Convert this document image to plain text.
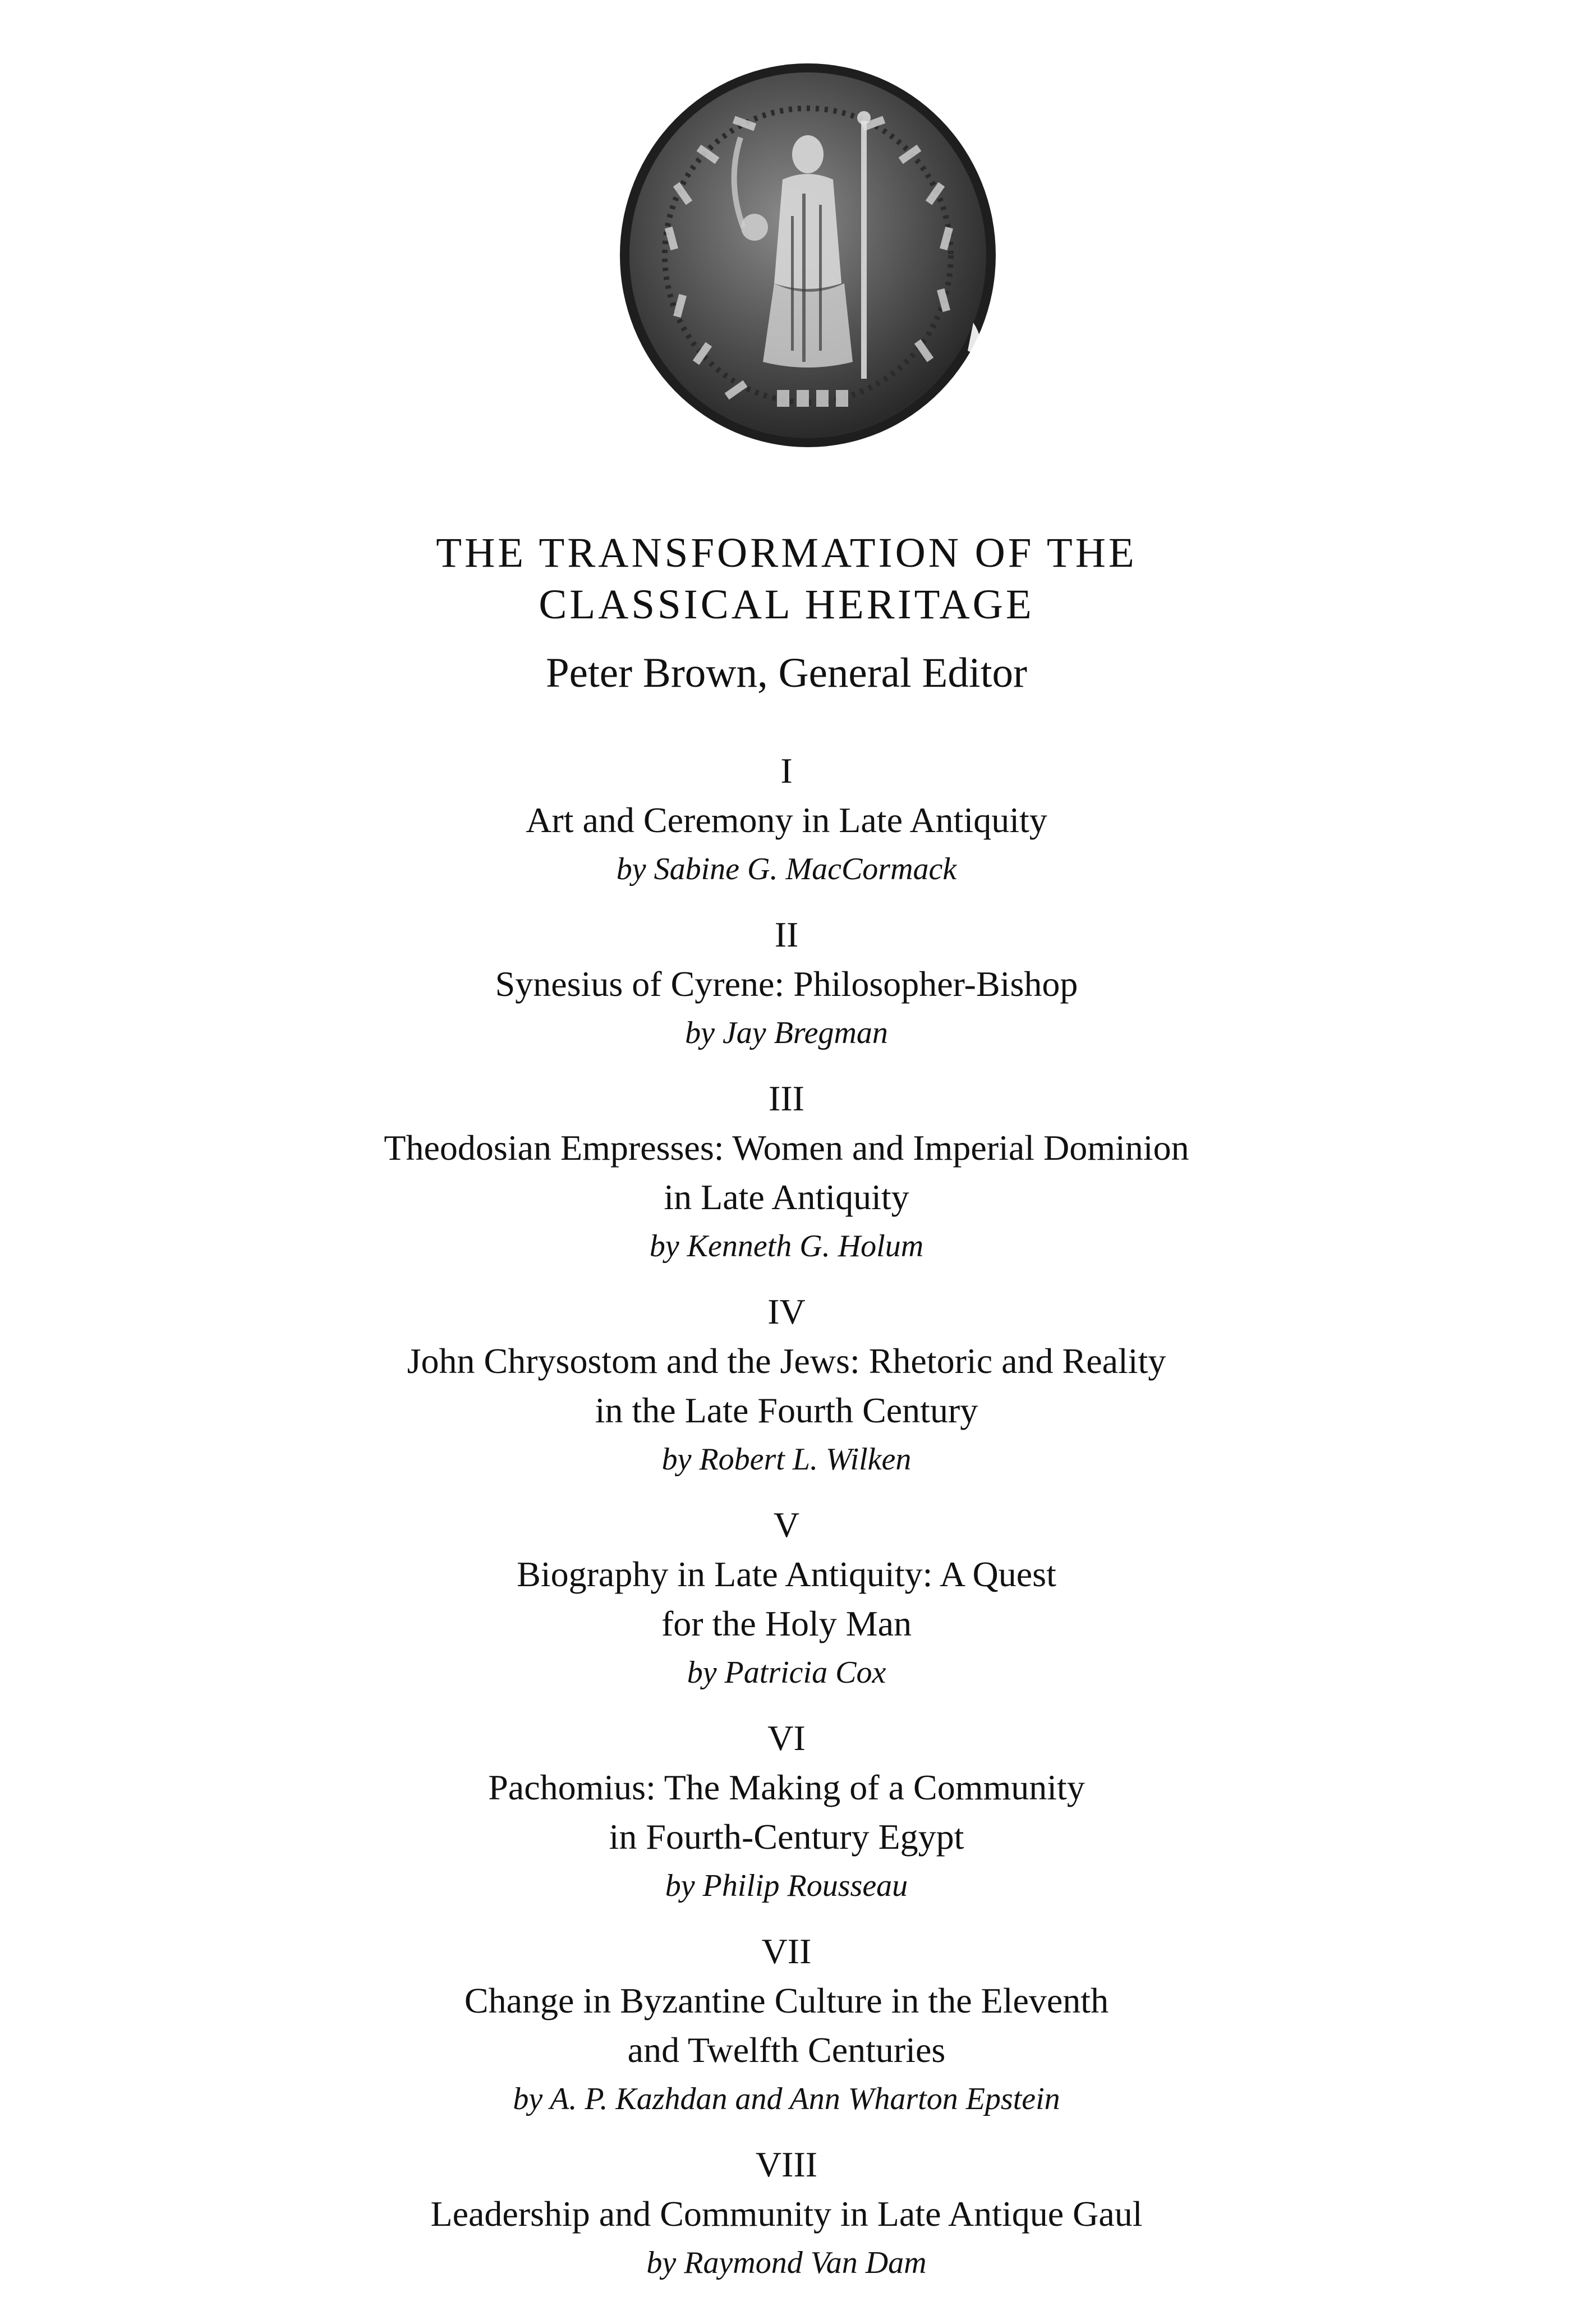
THE TRANSFORMATION OF THE
CLASSICAL HERITAGE
Peter Brown, General Editor
I
Art and Ceremony in Late Antiquity
by Sabine G. MacCormack
II
Synesius of Cyrene: Philosopher-Bishop
by Jay Bregman
III
Theodosian Empresses: Women and Imperial Dominion
in Late Antiquity
by Kenneth G. Holum
IV
John Chrysostom and the Jews: Rhetoric and Reality
in the Late Fourth Century
by Robert L. Wilken
V
Biography in Late Antiquity: A Quest
for the Holy Man
by Patricia Cox
VI
Pachomius: The Making of a Community
in Fourth-Century Egypt
by Philip Rousseau
VII
Change in Byzantine Culture in the Eleventh
and Twelfth Centuries
by A. P. Kazhdan and Ann Wharton Epstein
VIII
Leadership and Community in Late Antique Gaul
by Raymond Van Dam
